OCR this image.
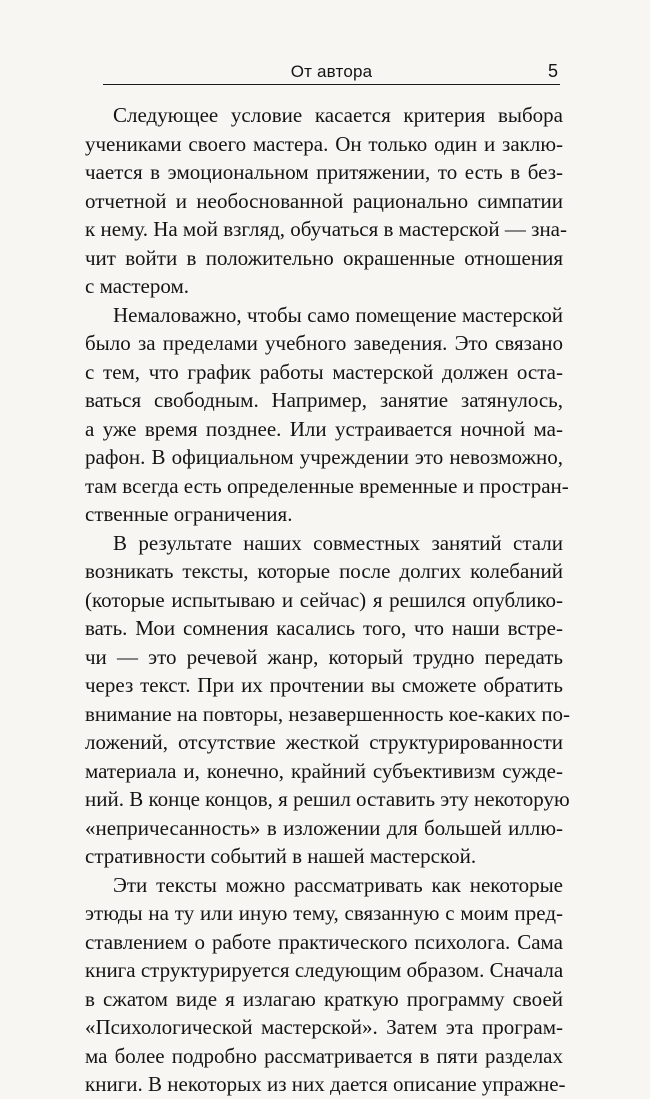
От автора	5
Следующее условие касается критерия выбора
учениками своего мастера. Он только один и заклю-
чается в эмоциональном притяжении, то есть в без-
отчетной и необоснованной рационально симпатии
к нему. На мой взгляд, обучаться в мастерской — зна-
чит войти в положительно окрашенные отношения
с мастером.
Немаловажно, чтобы само помещение мастерской
было за пределами учебного заведения. Это связано
с тем, что график работы мастерской должен оста-
ваться свободным. Например, занятие затянулось,
а уже время позднее. Или устраивается ночной ма-
рафон. В официальном учреждении это невозможно,
там всегда есть определенные временные и простран-
ственные ограничения.
В результате наших совместных занятий стали
возникать тексты, которые после долгих колебаний
(которые испытываю и сейчас) я решился опублико-
вать. Мои сомнения касались того, что наши встре-
чи — это речевой жанр, который трудно передать
через текст. При их прочтении вы сможете обратить
внимание на повторы, незавершенность кое-каких по-
ложений, отсутствие жесткой структурированности
материала и, конечно, крайний субъективизм сужде-
ний. В конце концов, я решил оставить эту некоторую
«непричесанность» в изложении для большей иллю-
стративности событий в нашей мастерской.
Эти тексты можно рассматривать как некоторые
этюды на ту или иную тему, связанную с моим пред-
ставлением о работе практического психолога. Сама
книга структурируется следующим образом. Сначала
в сжатом виде я излагаю краткую программу своей
«Психологической мастерской». Затем эта програм-
ма более подробно рассматривается в пяти разделах
книги. В некоторых из них дается описание упражне-
